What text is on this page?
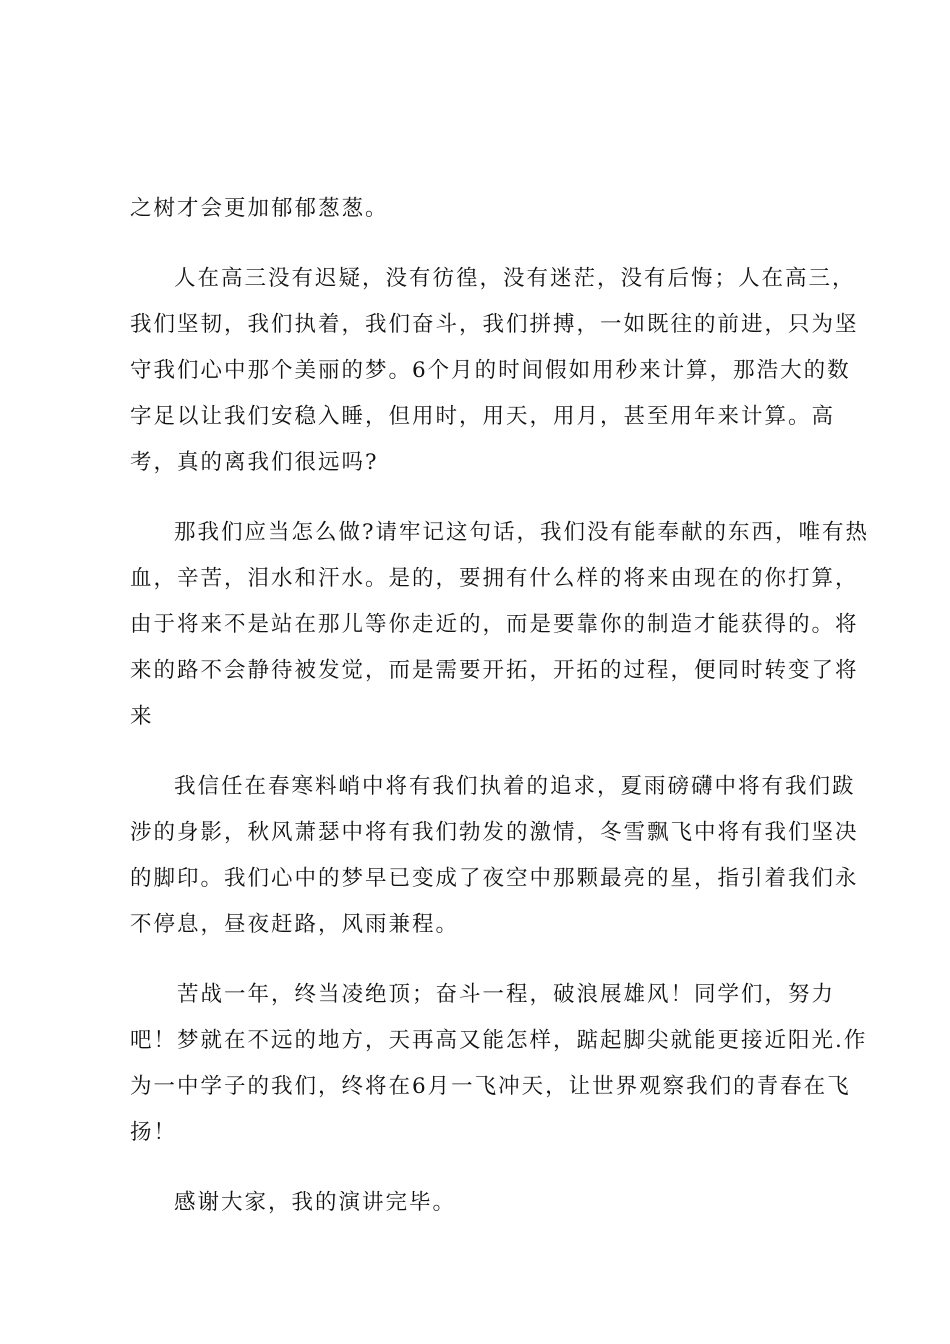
之树才会更加郁郁葱葱。
人在高三没有迟疑，没有彷徨，没有迷茫，没有后悔；人在高三，
我们坚韧，我们执着，我们奋斗，我们拼搏，一如既往的前进，只为坚
守我们心中那个美丽的梦。6个月的时间假如用秒来计算，那浩大的数
字足以让我们安稳入睡，但用时，用天，用月，甚至用年来计算。高
考，真的离我们很远吗?
那我们应当怎么做?请牢记这句话，我们没有能奉献的东西，唯有热
血，辛苦，泪水和汗水。是的，要拥有什么样的将来由现在的你打算，
由于将来不是站在那儿等你走近的，而是要靠你的制造才能获得的。将
来的路不会静待被发觉，而是需要开拓，开拓的过程，便同时转变了将
来
我信任在春寒料峭中将有我们执着的追求，夏雨磅礴中将有我们跋
涉的身影，秋风萧瑟中将有我们勃发的激情，冬雪飘飞中将有我们坚决
的脚印。我们心中的梦早已变成了夜空中那颗最亮的星，指引着我们永
不停息，昼夜赶路，风雨兼程。
苦战一年，终当凌绝顶；奋斗一程，破浪展雄风！同学们，努力
吧！梦就在不远的地方，天再高又能怎样，踮起脚尖就能更接近阳光.作
为一中学子的我们，终将在6月一飞冲天，让世界观察我们的青春在飞
扬！
感谢大家，我的演讲完毕。
